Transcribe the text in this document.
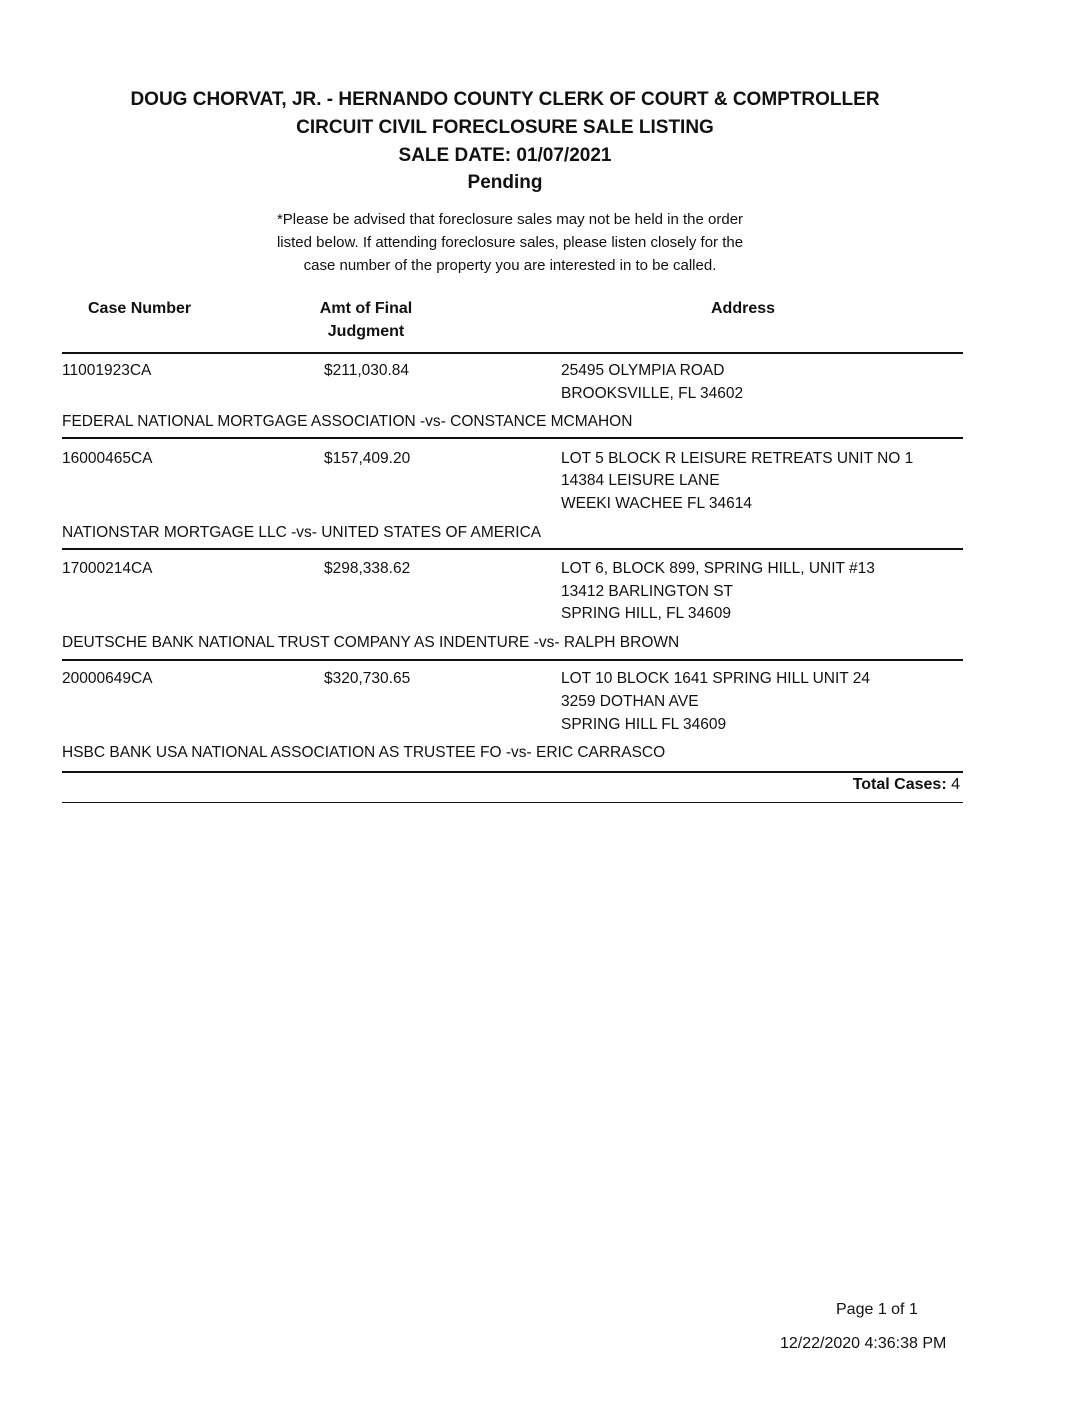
DOUG CHORVAT, JR. - HERNANDO COUNTY CLERK OF COURT & COMPTROLLER
CIRCUIT CIVIL FORECLOSURE SALE LISTING
SALE DATE: 01/07/2021
Pending
*Please be advised that foreclosure sales may not be held in the order
listed below. If attending foreclosure sales, please listen closely for the
case number of the property you are interested in to be called.
Case Number	Amt of Final
Judgment
Address
11001923CA	$211,030.84	25495 OLYMPIA ROAD
BROOKSVILLE, FL 34602
FEDERAL NATIONAL MORTGAGE ASSOCIATION -vs- CONSTANCE MCMAHON
16000465CA	$157,409.20	LOT 5 BLOCK R LEISURE RETREATS UNIT NO 1
14384 LEISURE LANE
WEEKI WACHEE FL 34614
NATIONSTAR MORTGAGE LLC -vs- UNITED STATES OF AMERICA
17000214CA	$298,338.62	LOT 6, BLOCK 899, SPRING HILL, UNIT #13
13412 BARLINGTON ST
SPRING HILL, FL 34609
DEUTSCHE BANK NATIONAL TRUST COMPANY AS INDENTURE -vs- RALPH BROWN
20000649CA	$320,730.65	LOT 10 BLOCK 1641 SPRING HILL UNIT 24
3259 DOTHAN AVE
SPRING HILL FL 34609
HSBC BANK USA NATIONAL ASSOCIATION AS TRUSTEE FO -vs- ERIC CARRASCO
Total Cases: 4
Page 1 of 1
12/22/2020 4:36:38 PM
